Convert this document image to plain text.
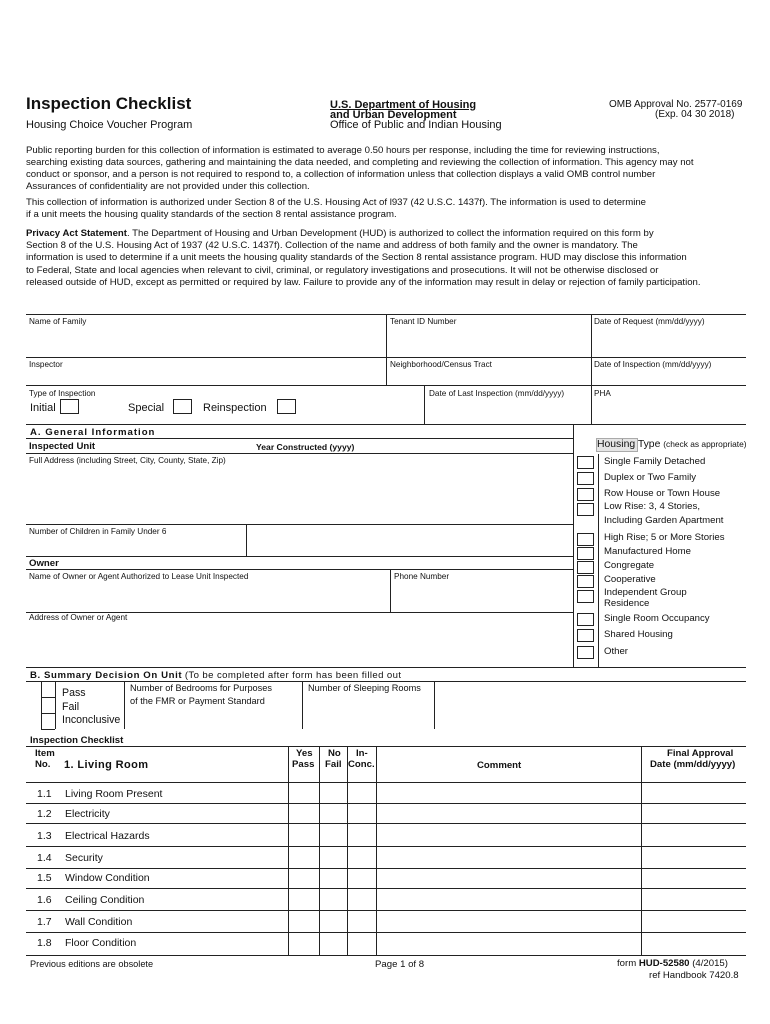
Inspection Checklist
Housing Choice Voucher Program
U.S. Department of Housing
and Urban Development
Office of Public and Indian Housing
OMB Approval No. 2577-0169
(Exp. 04 30 2018)
Public reporting burden for this collection of information is estimated to average 0.50 hours per response, including the time for reviewing instructions,
searching existing data sources, gathering and maintaining the data needed, and completing and reviewing the collection of information. This agency may not
conduct or sponsor, and a person is not required to respond to, a collection of information unless that collection displays a valid OMB control number
Assurances of confidentiality are not provided under this collection.
This collection of information is authorized under Section 8 of the U.S. Housing Act of l937 (42 U.S.C. 1437f). The information is used to determine
if a unit meets the housing quality standards of the section 8 rental assistance program.
Privacy Act Statement. The Department of Housing and Urban Development (HUD) is authorized to collect the information required on this form by
Section 8 of the U.S. Housing Act of 1937 (42 U.S.C. 1437f). Collection of the name and address of both family and the owner is mandatory. The
information is used to determine if a unit meets the housing quality standards of the Section 8 rental assistance program. HUD may disclose this information
to Federal, State and local agencies when relevant to civil, criminal, or regulatory investigations and prosecutions. It will not be otherwise disclosed or
released outside of HUD, except as permitted or required by law. Failure to provide any of the information may result in delay or rejection of family participation.
Name of Family	Tenant ID Number	Date of Request (mm/dd/yyyy)
Inspector	Neighborhood/Census Tract	Date of Inspection (mm/dd/yyyy)
Type of Inspection
Initial	Special	Reinspection
Date of Last Inspection (mm/dd/yyyy)	PHA
A. General Information
Inspected Unit	Year Constructed (yyyy)
Full Address (including Street, City, County, State, Zip)
Number of Children in Family Under 6
Owner
Name of Owner or Agent Authorized to Lease Unit Inspected	Phone Number
Address of Owner or Agent
Housing Type (check as appropriate)
Single Family Detached
Duplex or Two Family
Row House or Town House
Low Rise: 3, 4 Stories,
Including Garden Apartment
High Rise; 5 or More Stories
Manufactured Home
Congregate
Cooperative
Independent Group
Residence
Single Room Occupancy
Shared Housing
Other
B. Summary Decision On Unit (To be completed after form has been filled out
Pass
Fail
Inconclusive
Number of Bedrooms for Purposes
of the FMR or Payment Standard
Number of Sleeping Rooms
Inspection Checklist
Item
No. 1. Living Room
Yes
Pass
No
Fail
In-
Conc.	Comment
Final Approval
Date (mm/dd/yyyy)
1.1 Living Room Present
1.2 Electricity
1.3 Electrical Hazards
1.4 Security
1.5 Window Condition
1.6 Ceiling Condition
1.7 Wall Condition
1.8 Floor Condition
Previous editions are obsolete	Page 1 of 8	form HUD-52580 (4/2015)
ref Handbook 7420.8
